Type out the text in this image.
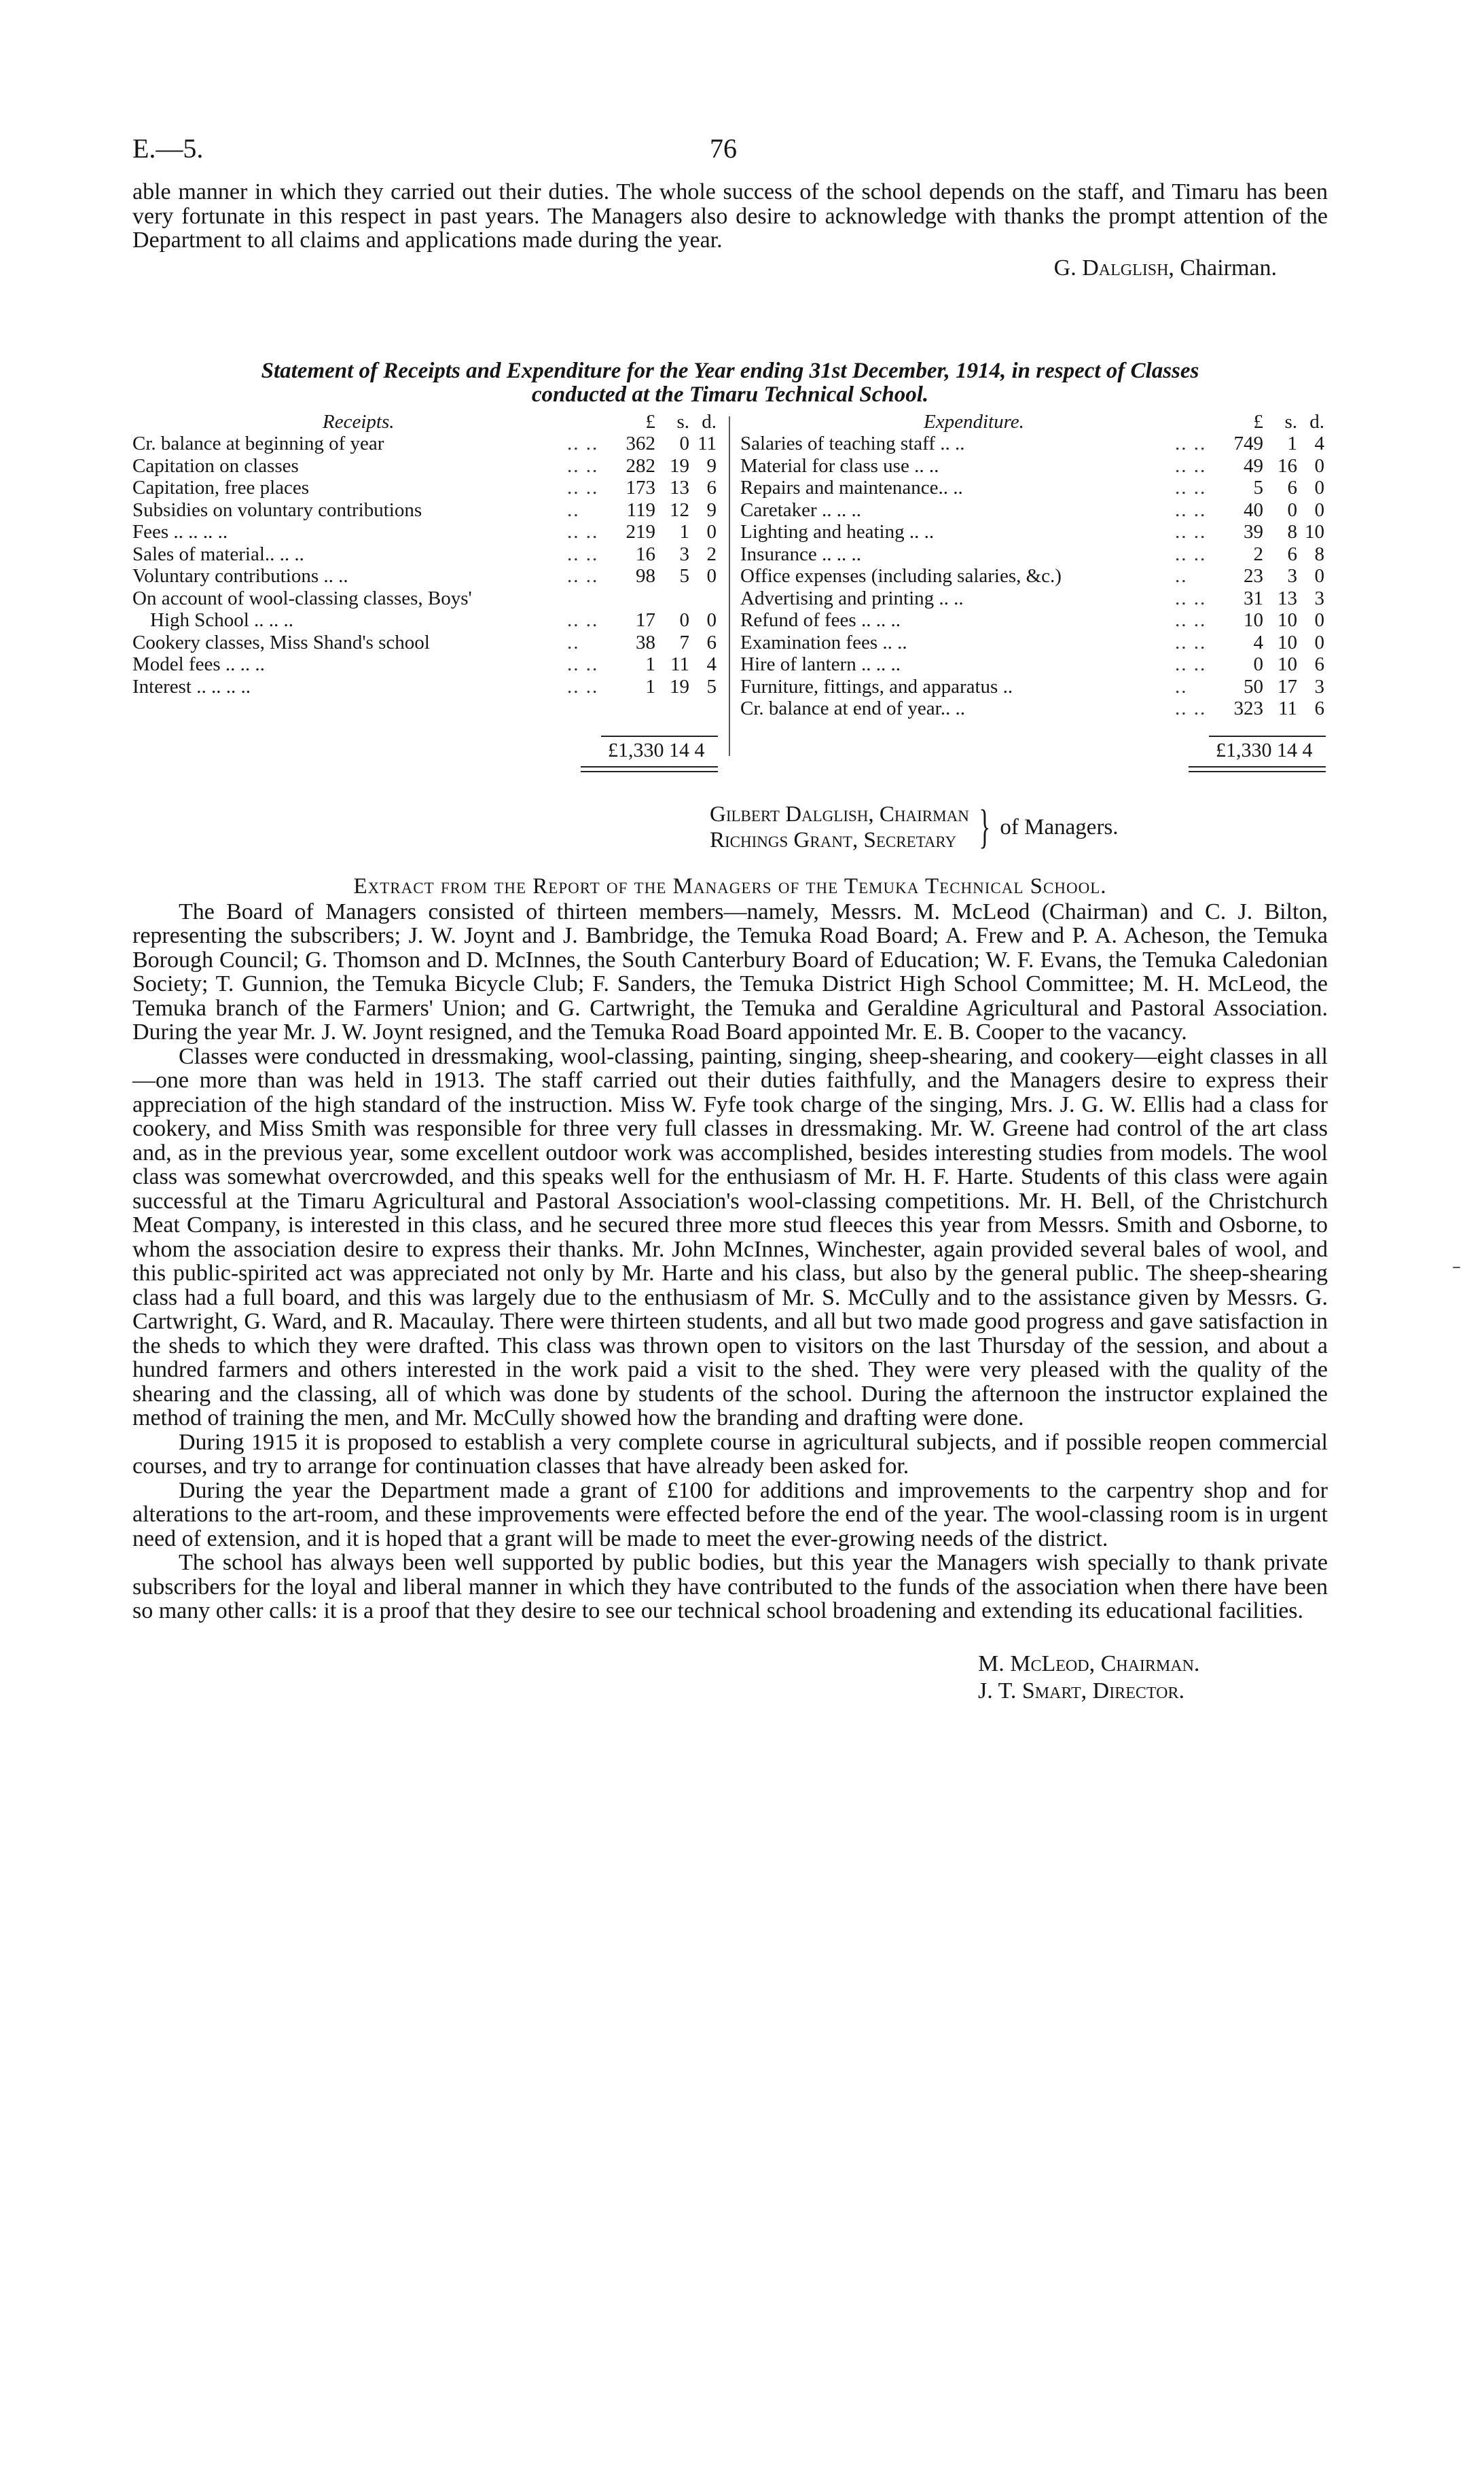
E.—5.	76

able manner in which they carried out their duties. The whole success of the school depends on the staff, and Timaru has been very fortunate in this respect in past years. The Managers also desire to acknowledge with thanks the prompt attention of the Department to all claims and applications made during the year.

G. Dalglish, Chairman.
Statement of Receipts and Expenditure for the Year ending 31st December, 1914, in respect of Classes
conducted at the Timaru Technical School.
Receipts.	£	s. d.
Cr. balance at beginning of year	.. ..	362	0 11
Capitation on classes	.. ..	282 19 9
Capitation, free places	.. ..	173 13 6
Subsidies on voluntary contributions	..	119 12 9
Fees .. .. .. ..	.. ..	219	1 0
Sales of material.. .. ..	.. ..	16	3 2
Voluntary contributions .. ..	.. ..	98	5 0
On account of wool-classing classes, Boys'
High School .. .. ..	.. ..	17	0 0
Cookery classes, Miss Shand's school	..	38	7 6
Model fees .. .. ..	.. ..	1 11 4
Interest .. .. .. ..	.. ..	1 19 5
Expenditure.	£	s. d.
Salaries of teaching staff .. ..	.. ..	749	1 4
Material for class use .. ..	.. ..	49 16 0
Repairs and maintenance.. ..	.. ..	5	6 0
Caretaker .. .. ..	.. ..	40	0 0
Lighting and heating .. ..	.. ..	39	8 10
Insurance .. .. ..	.. ..	2	6 8
Office expenses (including salaries, &c.)	..	23	3 0
Advertising and printing .. ..	.. ..	31 13 3
Refund of fees .. .. ..	.. ..	10 10 0
Examination fees .. ..	.. ..	4 10 0
Hire of lantern .. .. ..	.. ..	0 10 6
Furniture, fittings, and apparatus ..	..	50 17 3
Cr. balance at end of year.. ..	.. ..	323 11 6
£1,330 14 4	£1,330 14 4
Gilbert Dalglish, Chairman
Richings Grant, Secretary } of Managers.
Extract from the Report of the Managers of the Temuka Technical School.

The Board of Managers consisted of thirteen members—namely, Messrs. M. McLeod (Chairman) and C. J. Bilton, representing the subscribers; J. W. Joynt and J. Bambridge, the Temuka Road Board; A. Frew and P. A. Acheson, the Temuka Borough Council; G. Thomson and D. McInnes, the South Canterbury Board of Education; W. F. Evans, the Temuka Caledonian Society; T. Gunnion, the Temuka Bicycle Club; F. Sanders, the Temuka District High School Committee; M. H. McLeod, the Temuka branch of the Farmers' Union; and G. Cartwright, the Temuka and Geraldine Agricultural and Pastoral Association. During the year Mr. J. W. Joynt resigned, and the Temuka Road Board appointed Mr. E. B. Cooper to the vacancy.

Classes were conducted in dressmaking, wool-classing, painting, singing, sheep-shearing, and cookery—eight classes in all—one more than was held in 1913. The staff carried out their duties faithfully, and the Managers desire to express their appreciation of the high standard of the instruction. Miss W. Fyfe took charge of the singing, Mrs. J. G. W. Ellis had a class for cookery, and Miss Smith was responsible for three very full classes in dressmaking. Mr. W. Greene had control of the art class and, as in the previous year, some excellent outdoor work was accomplished, besides interesting studies from models. The wool class was somewhat overcrowded, and this speaks well for the enthusiasm of Mr. H. F. Harte. Students of this class were again successful at the Timaru Agricultural and Pastoral Association's wool-classing competitions. Mr. H. Bell, of the Christchurch Meat Company, is interested in this class, and he secured three more stud fleeces this year from Messrs. Smith and Osborne, to whom the association desire to express their thanks. Mr. John McInnes, Winchester, again provided several bales of wool, and this public-spirited act was appreciated not only by Mr. Harte and his class, but also by the general public. The sheep-shearing class had a full board, and this was largely due to the enthusiasm of Mr. S. McCully and to the assistance given by Messrs. G. Cartwright, G. Ward, and R. Macaulay. There were thirteen students, and all but two made good progress and gave satisfaction in the sheds to which they were drafted. This class was thrown open to visitors on the last Thursday of the session, and about a hundred farmers and others interested in the work paid a visit to the shed. They were very pleased with the quality of the shearing and the classing, all of which was done by students of the school. During the afternoon the instructor explained the method of training the men, and Mr. McCully showed how the branding and drafting were done.

During 1915 it is proposed to establish a very complete course in agricultural subjects, and if possible reopen commercial courses, and try to arrange for continuation classes that have already been asked for.

During the year the Department made a grant of £100 for additions and improvements to the carpentry shop and for alterations to the art-room, and these improvements were effected before the end of the year. The wool-classing room is in urgent need of extension, and it is hoped that a grant will be made to meet the ever-growing needs of the district.

The school has always been well supported by public bodies, but this year the Managers wish specially to thank private subscribers for the loyal and liberal manner in which they have contributed to the funds of the association when there have been so many other calls: it is a proof that they desire to see our technical school broadening and extending its educational facilities.

M. McLeod, Chairman.
J. T. Smart, Director.
–
